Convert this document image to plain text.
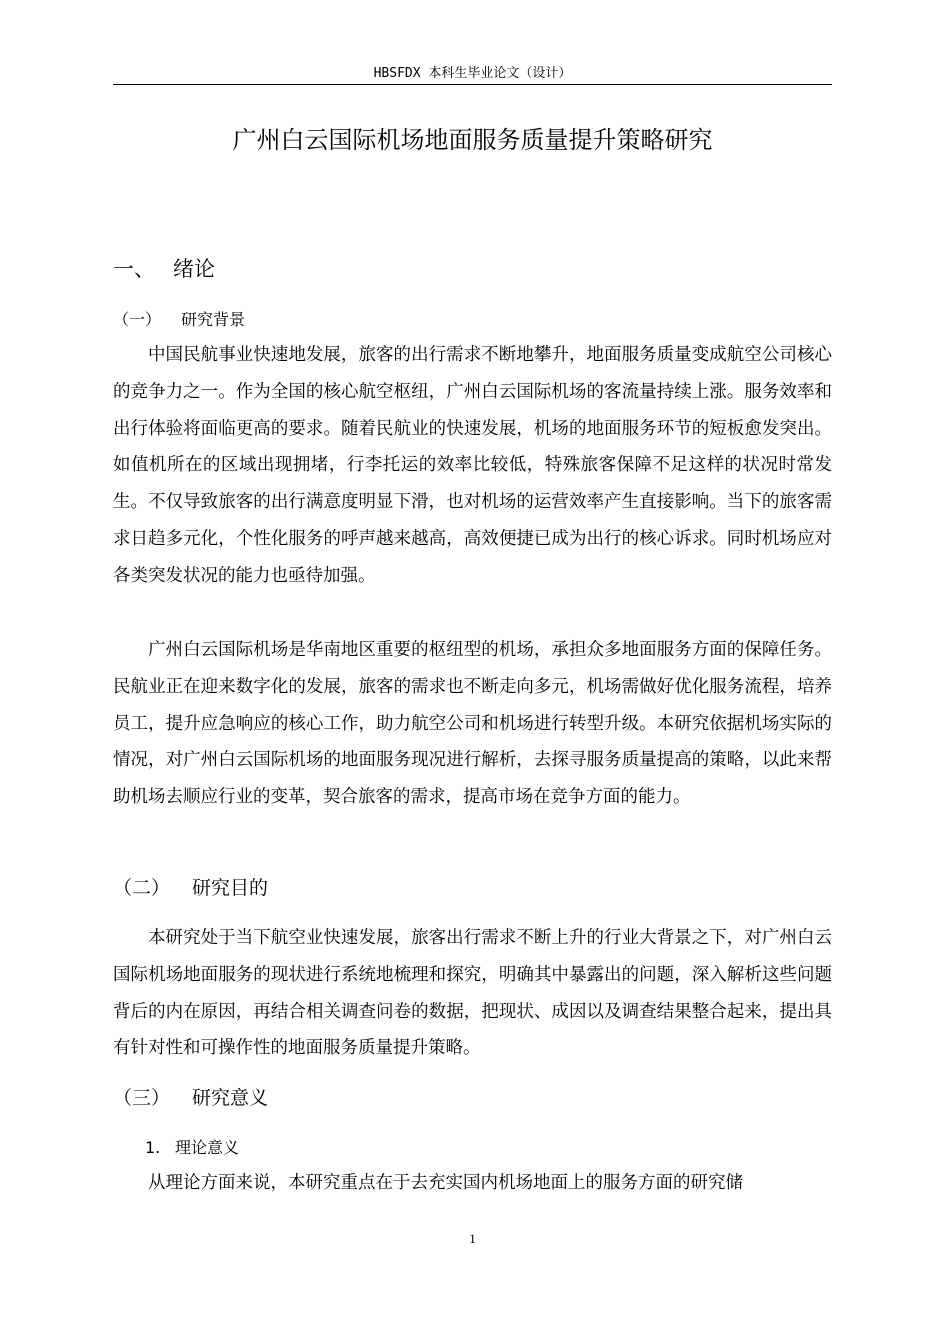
HBSFDX 本科生毕业论文（设计）
广州白云国际机场地面服务质量提升策略研究
一、 绪论
（一） 研究背景

中国民航事业快速地发展，旅客的出行需求不断地攀升，地面服务质量变成航空公司核心的竞争力之一。作为全国的核心航空枢纽，广州白云国际机场的客流量持续上涨。服务效率和出行体验将面临更高的要求。随着民航业的快速发展，机场的地面服务环节的短板愈发突出。如值机所在的区域出现拥堵，行李托运的效率比较低，特殊旅客保障不足这样的状况时常发生。不仅导致旅客的出行满意度明显下滑，也对机场的运营效率产生直接影响。当下的旅客需求日趋多元化，个性化服务的呼声越来越高，高效便捷已成为出行的核心诉求。同时机场应对各类突发状况的能力也亟待加强。

广州白云国际机场是华南地区重要的枢纽型的机场，承担众多地面服务方面的保障任务。民航业正在迎来数字化的发展，旅客的需求也不断走向多元，机场需做好优化服务流程，培养员工，提升应急响应的核心工作，助力航空公司和机场进行转型升级。本研究依据机场实际的情况，对广州白云国际机场的地面服务现况进行解析，去探寻服务质量提高的策略，以此来帮助机场去顺应行业的变革，契合旅客的需求，提高市场在竞争方面的能力。

（二） 研究目的

本研究处于当下航空业快速发展，旅客出行需求不断上升的行业大背景之下，对广州白云国际机场地面服务的现状进行系统地梳理和探究，明确其中暴露出的问题，深入解析这些问题背后的内在原因，再结合相关调查问卷的数据，把现状、成因以及调查结果整合起来，提出具有针对性和可操作性的地面服务质量提升策略。

（三） 研究意义
1. 理论意义

从理论方面来说，本研究重点在于去充实国内机场地面上的服务方面的研究储

1
